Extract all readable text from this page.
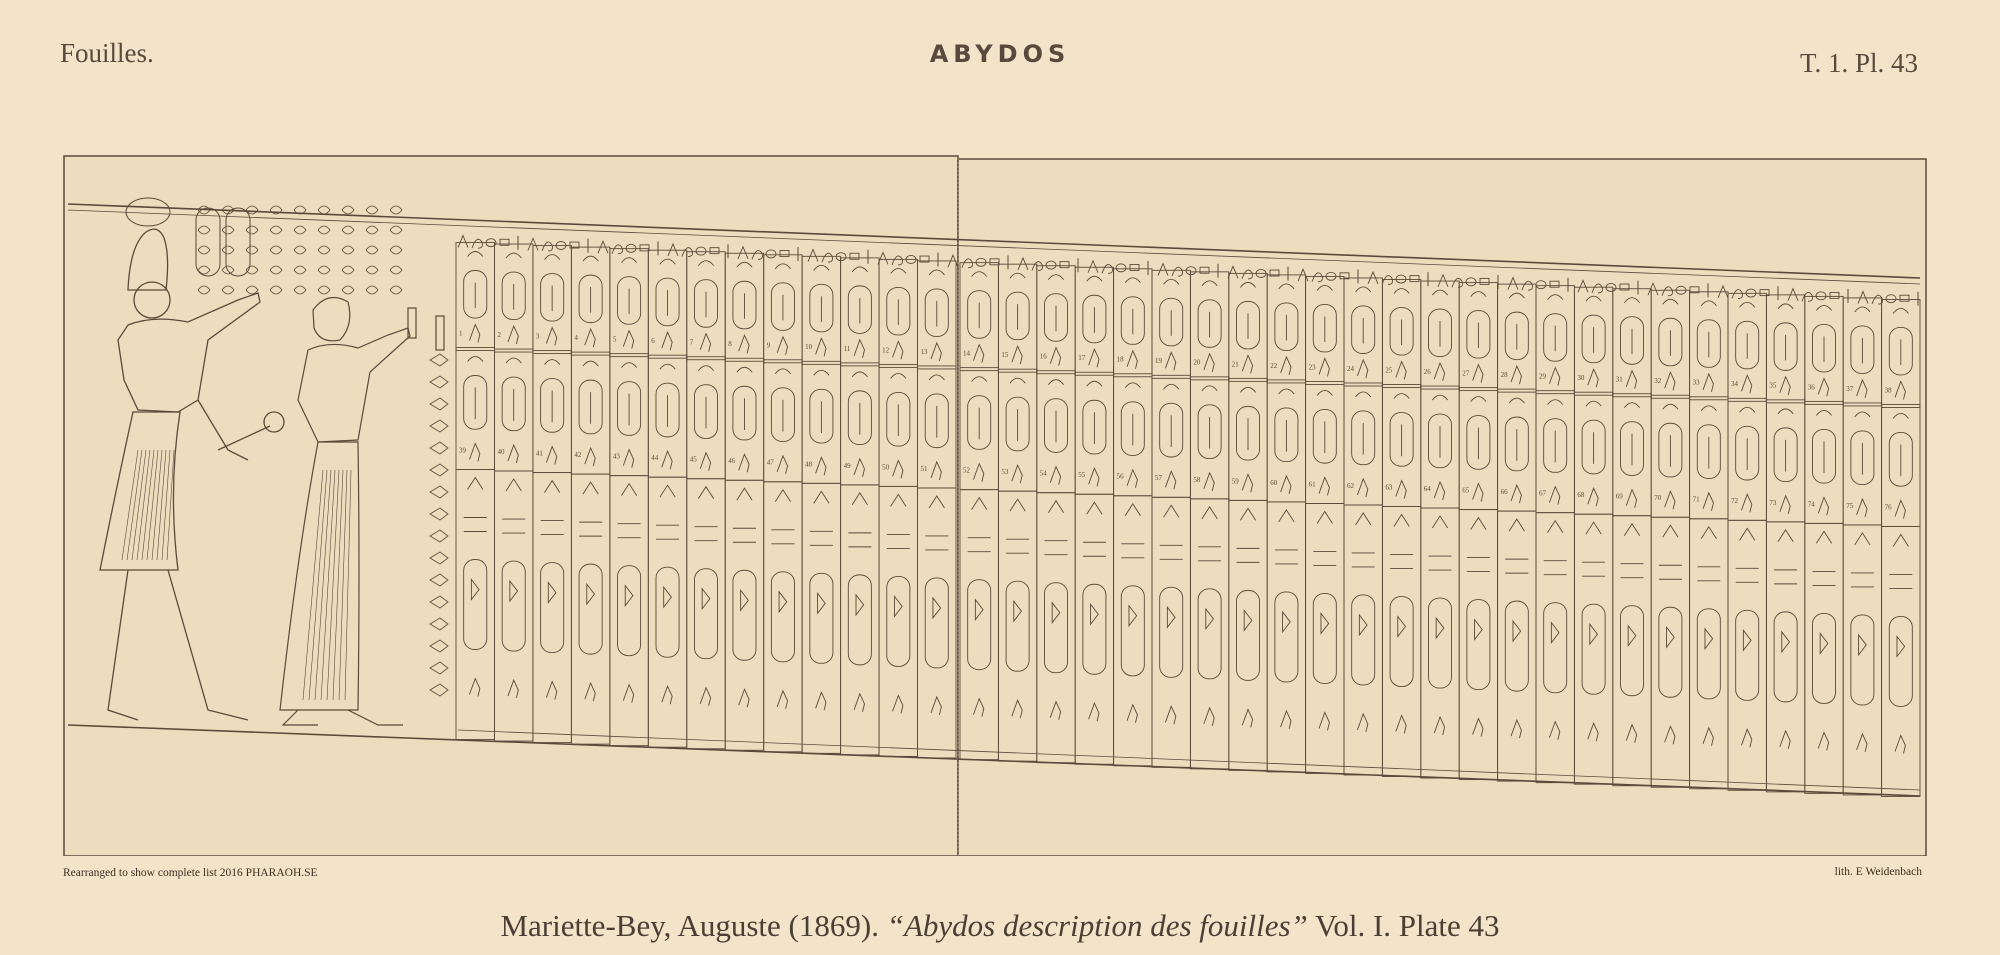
Fouilles.	ABYDOS	T. 1. Pl. 43
1	2	3	4	5	6	7	8	9	10	11	12	13	14	15	16	17	18	19	20	21	22	23	24	25	26	27	28	29	30	31	32	33	34	35	36	37	38
39	40	41	42	43	44	45	46	47	48	49	50	51	52	53	54	55	56	57	58	59	60	61	62	63	64	65	66	67	68	69	70	71	72	73	74	75	76
Rearranged to show complete list 2016 PHARAOH.SE	lith. E Weidenbach
Mariette-Bey, Auguste (1869). “Abydos description des fouilles” Vol. I. Plate 43
